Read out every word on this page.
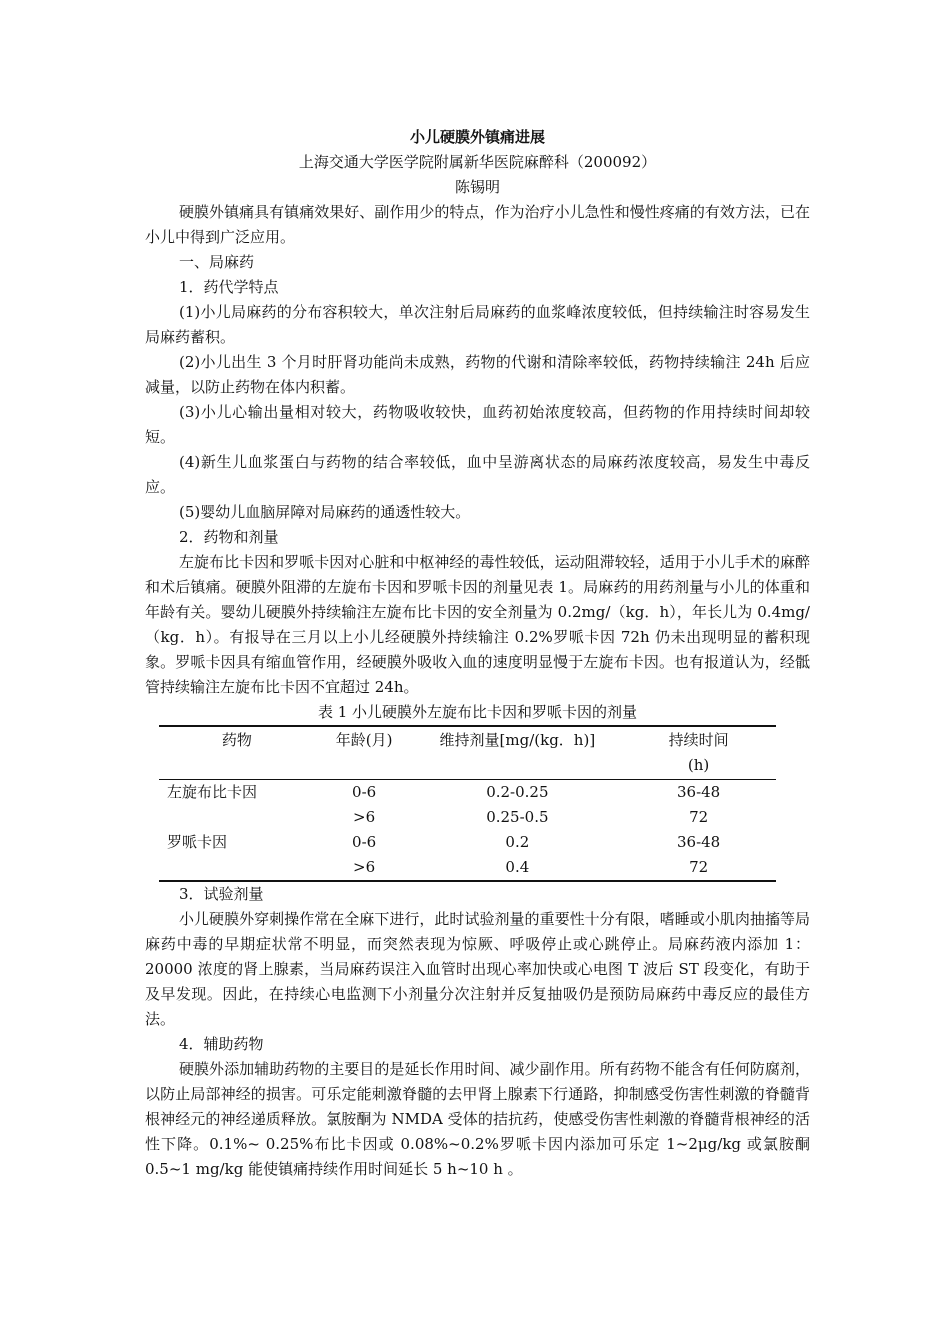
小儿硬膜外镇痛进展
上海交通大学医学院附属新华医院麻醉科（200092）
陈锡明

硬膜外镇痛具有镇痛效果好、副作用少的特点，作为治疗小儿急性和慢性疼痛的有效方法，已在小儿中得到广泛应用。

一、局麻药

1．药代学特点

(1)小儿局麻药的分布容积较大，单次注射后局麻药的血浆峰浓度较低，但持续输注时容易发生局麻药蓄积。

(2)小儿出生 3 个月时肝肾功能尚未成熟，药物的代谢和清除率较低，药物持续输注 24h 后应减量，以防止药物在体内积蓄。

(3)小儿心输出量相对较大，药物吸收较快，血药初始浓度较高，但药物的作用持续时间却较短。

(4)新生儿血浆蛋白与药物的结合率较低，血中呈游离状态的局麻药浓度较高，易发生中毒反应。

(5)婴幼儿血脑屏障对局麻药的通透性较大。

2．药物和剂量

左旋布比卡因和罗哌卡因对心脏和中枢神经的毒性较低，运动阻滞较轻，适用于小儿手术的麻醉和术后镇痛。硬膜外阻滞的左旋布卡因和罗哌卡因的剂量见表 1。局麻药的用药剂量与小儿的体重和年龄有关。婴幼儿硬膜外持续输注左旋布比卡因的安全剂量为 0.2mg/（kg．h），年长儿为 0.4mg/（kg．h）。有报导在三月以上小儿经硬膜外持续输注 0.2%罗哌卡因 72h 仍未出现明显的蓄积现象。罗哌卡因具有缩血管作用，经硬膜外吸收入血的速度明显慢于左旋布卡因。也有报道认为，经骶管持续输注左旋布比卡因不宜超过 24h。

表 1 小儿硬膜外左旋布比卡因和罗哌卡因的剂量
药物	年龄(月)	维持剂量[mg/(kg．h)]	持续时间
(h)

左旋布比卡因	0-6	0.2-0.25	36-48
	>6	0.25-0.5	72
罗哌卡因	0-6	0.2	36-48
	>6	0.4	72

3．试验剂量

小儿硬膜外穿刺操作常在全麻下进行，此时试验剂量的重要性十分有限，嗜睡或小肌肉抽搐等局麻药中毒的早期症状常不明显，而突然表现为惊厥、呼吸停止或心跳停止。局麻药液内添加 1：20000 浓度的肾上腺素，当局麻药误注入血管时出现心率加快或心电图 T 波后 ST 段变化，有助于及早发现。因此，在持续心电监测下小剂量分次注射并反复抽吸仍是预防局麻药中毒反应的最佳方法。

4．辅助药物

硬膜外添加辅助药物的主要目的是延长作用时间、减少副作用。所有药物不能含有任何防腐剂，以防止局部神经的损害。可乐定能刺激脊髓的去甲肾上腺素下行通路，抑制感受伤害性刺激的脊髓背根神经元的神经递质释放。氯胺酮为 NMDA 受体的拮抗药，使感受伤害性刺激的脊髓背根神经的活性下降。0.1%~ 0.25%布比卡因或 0.08%~0.2%罗哌卡因内添加可乐定 1~2μg/kg 或氯胺酮 0.5~1 mg/kg 能使镇痛持续作用时间延长 5 h~10 h 。
